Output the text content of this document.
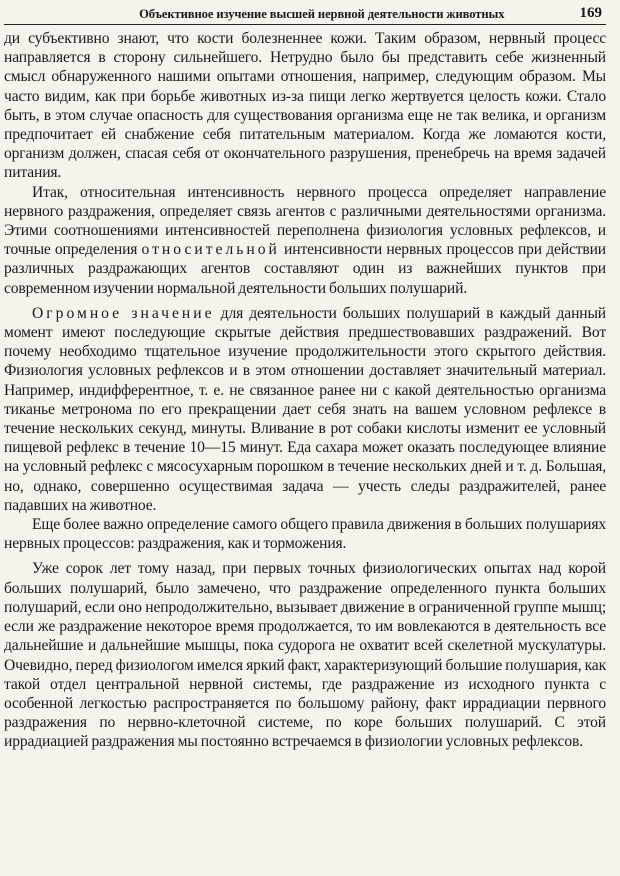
Объективное изучение высшей нервной деятельности животных	169

ди субъективно знают, что кости болезненнее кожи. Таким образом, нервный процесс направляется в сторону сильнейшего. Нетрудно было бы представить себе жизненный смысл обнаруженного нашими опытами отношения, например, следующим образом. Мы часто видим, как при борьбе животных из-за пищи легко жертвуется целость кожи. Стало быть, в этом случае опасность для существования организма еще не так велика, и организм предпочитает ей снабжение себя питательным материалом. Когда же ломаются кости, организм должен, спасая себя от окончательного разрушения, пренебречь на время задачей питания.

Итак, относительная интенсивность нервного процесса определяет направление нервного раздражения, определяет связь агентов с различными деятельностями организма. Этими соотношениями интенсивностей переполнена физиология условных рефлексов, и точные определения относительной интенсивности нервных процессов при действии различных раздражающих агентов составляют один из важнейших пунктов при современном изучении нормальной деятельности больших полушарий.

Огромное значение для деятельности больших полушарий в каждый данный момент имеют последующие скрытые действия предшествовавших раздражений. Вот почему необходимо тщательное изучение продолжительности этого скрытого действия. Физиология условных рефлексов и в этом отношении доставляет значительный материал. Например, индифферентное, т. е. не связанное ранее ни с какой деятельностью организма тиканье метронома по его прекращении дает себя знать на вашем условном рефлексе в течение нескольких секунд, минуты. Вливание в рот собаки кислоты изменит ее условный пищевой рефлекс в течение 10—15 минут. Еда сахара может оказать последующее влияние на условный рефлекс с мясосухарным порошком в течение нескольких дней и т. д. Большая, но, однако, совершенно осуществимая задача — учесть следы раздражителей, ранее падавших на животное.

Еще более важно определение самого общего правила движения в больших полушариях нервных процессов: раздражения, как и торможения.

Уже сорок лет тому назад, при первых точных физиологических опытах над корой больших полушарий, было замечено, что раздражение определенного пункта больших полушарий, если оно непродолжительно, вызывает движение в ограниченной группе мышц; если же раздражение некоторое время продолжается, то им вовлекаются в деятельность все дальнейшие и дальнейшие мышцы, пока судорога не охватит всей скелетной мускулатуры. Очевидно, перед физиологом имелся яркий факт, характеризующий большие полушария, как такой отдел центральной нервной системы, где раздражение из исходного пункта с особенной легкостью распространяется по большому району, факт иррадиации первного раздражения по нервно-клеточной системе, по коре больших полушарий. С этой иррадиацией раздражения мы постоянно встречаемся в физиологии условных рефлексов.
